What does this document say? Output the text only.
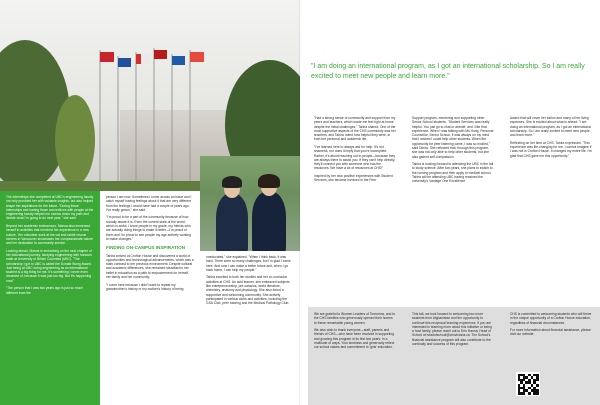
The internships she completed at UBC's engineering faculty not only provided her with valuable insights, but also helped shape her aspirations for the future. "During those internships and having those connections with people at the engineering faculty helped me narrow down my path and decide what I'm going to do next year," she said.

Beyond her academic endeavours, Marwa also immersed herself in activities that enriched her experience in a new culture. Her volunteer work at the cat and rabbit rescue centres in Vancouver showcases her compassionate nature and her dedication to community service.

Looking ahead, Marwa is embarking on the next chapter of her educational journey, studying engineering with honours math at University of British Columbia (UBC). "The scholarship I got to UBC is called the Donald Wong Award. Just being at UBC doing engineering as an international student is a big thing for me. It's something I never even dreamed of, because it was just too big. But it's happening now!"

"The person that I was two years ago is just so much different from the

person I am now. Sometimes I come across an issue and I catch myself having feelings about it that are very different from the feelings I would have had a couple of years ago. I've really grown," she said.

"I'm proud to be a part of the community because of how socially aware it is. Even the current state of the world, which is awful, I know people in my grade, my friends who are actually doing things to make it better—I'm proud of them and I'm proud to see people my age actively working to make changes."

FINDING ON-CAMPUS INSPIRATION

Tahira arrived at Crofton House and discovered a world of opportunities and technological advancements, which was a stark contrast to her previous environment. Despite cultural and academic differences, she remained steadfast in her belief in education as a path to empowerment for herself, her family and her community.

"I come here because I didn't want to repeat my grandmother's history or my mother's history of being

uneducated," she explained. "When I think back, it was hard. There were so many challenges, but I'm glad I came here. And now I can make a better future and, when I go back home, I can help my people."

Tahira excelled in both her studies and her co-curricular activities at CHS. An avid learner, she embraced subjects like entrepreneurship, pre-calculus, world literature, chemistry, anatomy and physiology. She also found a supportive and welcoming community. She actively participated in various clubs and activities, including the GSA Club, peer tutoring and the Medical Pathology Club.

"I am doing an international program, as I got an international scholarship. So I am really excited to meet new people and learn more."

"Had a strong sense of community and support from my peers and teachers, which made me feel right at home despite the initial challenges," Tahira shared. One of the most supportive aspects of the CHS community was her teachers, and Tahira noted how helpful they were, in both her personal and academic life.

"I've learned here to always ask for help. It's not shameful, nor does it imply that you're incomplete. Rather, it's about reaching out to people—because they are always there to assist you. If they can't help directly, they'll connect you with someone who has the resources. We have a lot of resources at CHS!"

Inspired by her own positive experiences with Student Services, she became involved in the Peer

Support program, mentoring and supporting other Senior School students. "Student Services was really helpful. You just go to chat or debrief, and I like that experience. When I was talking with Ms Hong, Personal Counsellor, Senior School, it was always on my mind that I wished I could help other students. When the opportunity for peer listening came, I was so excited," said Tahira. She reflected that, through this program, she was not only able to help other students, but she also gained self-compassion.

Tahira is looking forward to attending the UBC in the fall to study science. After two years, she plans to switch to the nursing program and then apply to medical school. Tahira will be attending UBC having received the university's Vantage One Excellence

Award that will cover her tuition and many of her living expenses. She is excited about what is ahead: "I am doing an international program, as I got an international scholarship. So I am really excited to meet new people and learn more."

Reflecting on her time at CHS, Tahira expressed: "This experience was life-changing for me. I cannot imagine if I was not in Crofton House. It changed my entire life. I'm glad that CHS gave me this opportunity."

We are grateful to Women Leaders of Tomorrow, and to the CHS families who generously opened their homes to these remarkable young women.

We also wish to thank everyone—staff, parents and friends of CHS—who have been involved in supporting and growing this program in its first two years. In a multitude of ways. Your kindness and generosity reflect our school values and commitment to 'girls' education.

This fall, we look forward to welcoming two more students from Afghanistan and the opportunity to continue this reciprocal learning experience. If you are interested in learning more about this initiative or being a host family, please reach out to Erin Hanna, Head of School at headofschool@chsvictoria.ca. The School's financial assistance program will also contribute to the continuity and success of this program.

CHS is committed to welcoming students who will thrive in the unique opportunity of a Crofton House education, regardless of financial circumstances.

For more information about financial assistance, please visit our website.
